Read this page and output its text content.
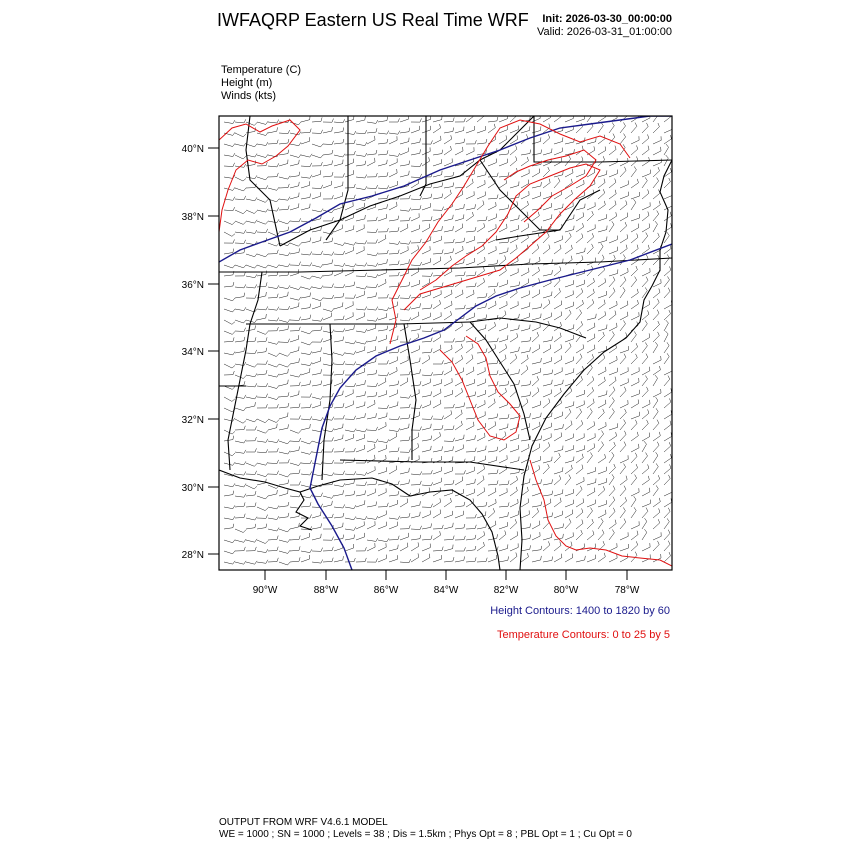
IWFAQRP Eastern US Real Time WRF Init: 2026-03-30_00:00:00
Valid: 2026-03-31_01:00:00
Temperature (C)
Height (m)
Winds (kts)
40°N
38°N
36°N
34°N
32°N
30°N
28°N
90°W	88°W	86°W	84°W	82°W	80°W	78°W
Height Contours: 1400 to 1820 by 60
Temperature Contours: 0 to 25 by 5
OUTPUT FROM WRF V4.6.1 MODEL
WE = 1000 ; SN = 1000 ; Levels = 38 ; Dis = 1.5km ; Phys Opt = 8 ; PBL Opt = 1 ; Cu Opt = 0
